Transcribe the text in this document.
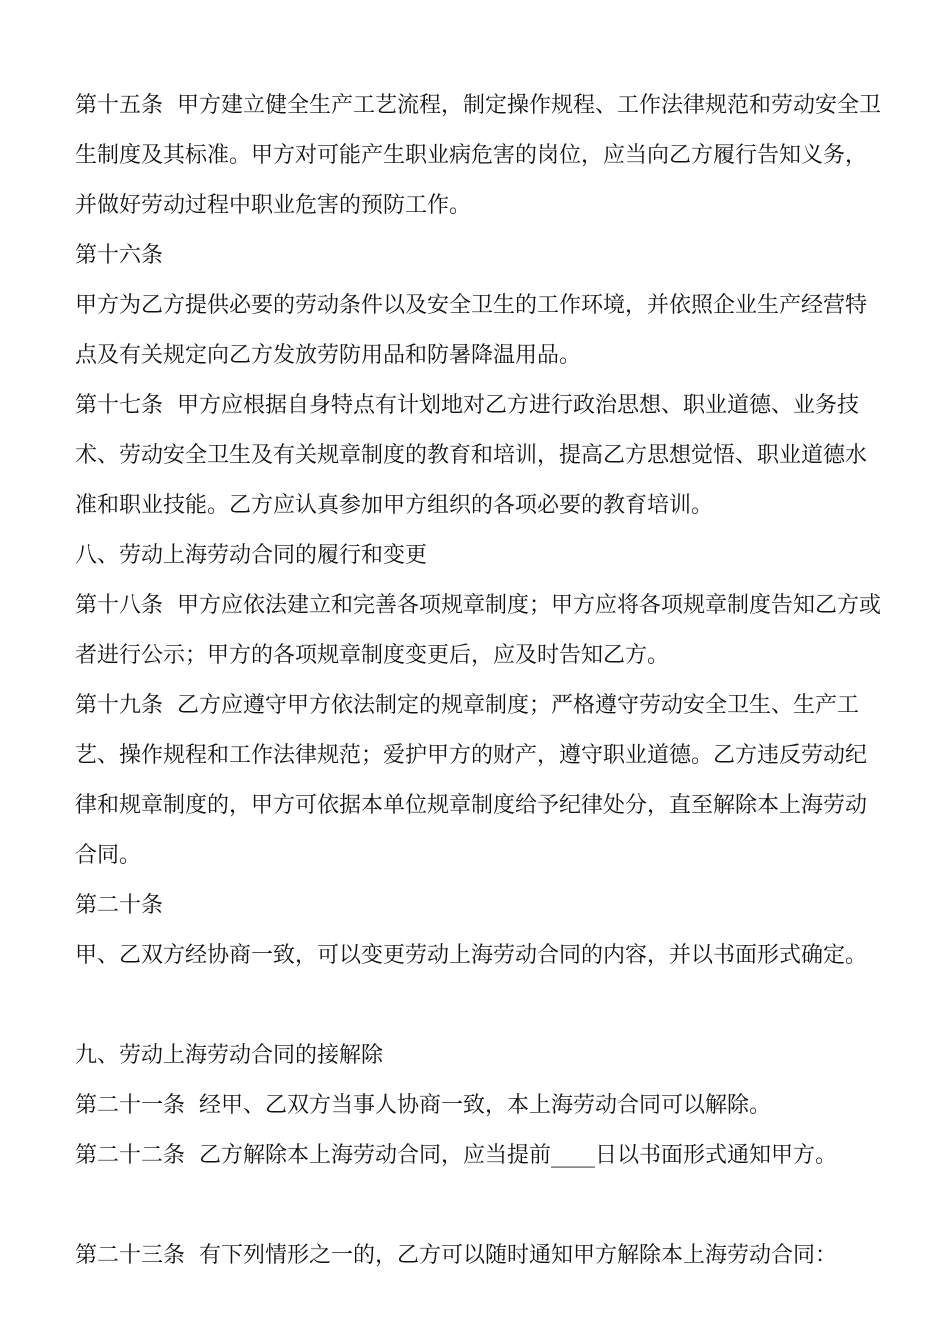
第十五条  甲方建立健全生产工艺流程，制定操作规程、工作法律规范和劳动安全卫生制度及其标准。甲方对可能产生职业病危害的岗位，应当向乙方履行告知义务，并做好劳动过程中职业危害的预防工作。

第十六条

甲方为乙方提供必要的劳动条件以及安全卫生的工作环境，并依照企业生产经营特点及有关规定向乙方发放劳防用品和防暑降温用品。

第十七条  甲方应根据自身特点有计划地对乙方进行政治思想、职业道德、业务技术、劳动安全卫生及有关规章制度的教育和培训，提高乙方思想觉悟、职业道德水准和职业技能。乙方应认真参加甲方组织的各项必要的教育培训。

八、劳动上海劳动合同的履行和变更

第十八条  甲方应依法建立和完善各项规章制度；甲方应将各项规章制度告知乙方或者进行公示；甲方的各项规章制度变更后，应及时告知乙方。

第十九条  乙方应遵守甲方依法制定的规章制度；严格遵守劳动安全卫生、生产工艺、操作规程和工作法律规范；爱护甲方的财产，遵守职业道德。乙方违反劳动纪律和规章制度的，甲方可依据本单位规章制度给予纪律处分，直至解除本上海劳动合同。

第二十条

甲、乙双方经协商一致，可以变更劳动上海劳动合同的内容，并以书面形式确定。

九、劳动上海劳动合同的接解除

第二十一条  经甲、乙双方当事人协商一致，本上海劳动合同可以解除。

第二十二条  乙方解除本上海劳动合同，应当提前____日以书面形式通知甲方。

第二十三条  有下列情形之一的，乙方可以随时通知甲方解除本上海劳动合同：
